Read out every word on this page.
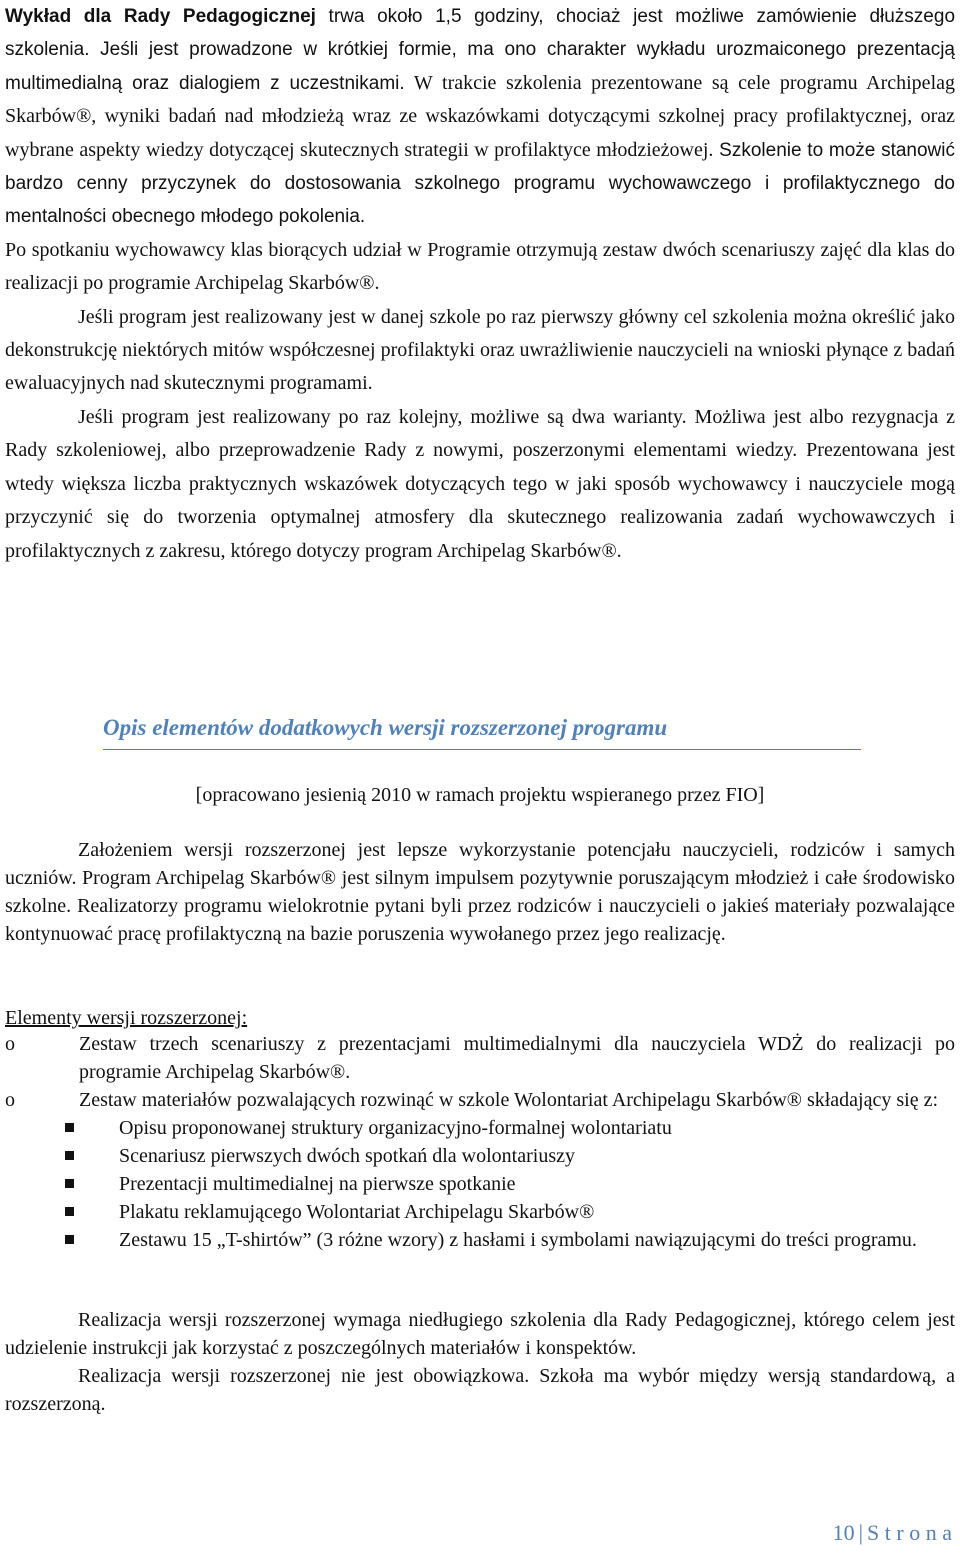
Wykład dla Rady Pedagogicznej trwa około 1,5 godziny, chociaż jest możliwe zamówienie dłuższego szkolenia. Jeśli jest prowadzone w krótkiej formie, ma ono charakter wykładu urozmaiconego prezentacją multimedialną oraz dialogiem z uczestnikami. W trakcie szkolenia prezentowane są cele programu Archipelag Skarbów®, wyniki badań nad młodzieżą wraz ze wskazówkami dotyczącymi szkolnej pracy profilaktycznej, oraz wybrane aspekty wiedzy dotyczącej skutecznych strategii w profilaktyce młodzieżowej. Szkolenie to może stanowić bardzo cenny przyczynek do dostosowania szkolnego programu wychowawczego i profilaktycznego do mentalności obecnego młodego pokolenia.

Po spotkaniu wychowawcy klas biorących udział w Programie otrzymują zestaw dwóch scenariuszy zajęć dla klas do realizacji po programie Archipelag Skarbów®.

Jeśli program jest realizowany jest w danej szkole po raz pierwszy główny cel szkolenia można określić jako dekonstrukcję niektórych mitów współczesnej profilaktyki oraz uwrażliwienie nauczycieli na wnioski płynące z badań ewaluacyjnych nad skutecznymi programami.

Jeśli program jest realizowany po raz kolejny, możliwe są dwa warianty. Możliwa jest albo rezygnacja z Rady szkoleniowej, albo przeprowadzenie Rady z nowymi, poszerzonymi elementami wiedzy. Prezentowana jest wtedy większa liczba praktycznych wskazówek dotyczących tego w jaki sposób wychowawcy i nauczyciele mogą przyczynić się do tworzenia optymalnej atmosfery dla skutecznego realizowania zadań wychowawczych i profilaktycznych z zakresu, którego dotyczy program Archipelag Skarbów®.

Opis elementów dodatkowych wersji rozszerzonej programu
[opracowano jesienią 2010 w ramach projektu wspieranego przez FIO]

Założeniem wersji rozszerzonej jest lepsze wykorzystanie potencjału nauczycieli, rodziców i samych uczniów. Program Archipelag Skarbów® jest silnym impulsem pozytywnie poruszającym młodzież i całe środowisko szkolne. Realizatorzy programu wielokrotnie pytani byli przez rodziców i nauczycieli o jakieś materiały pozwalające kontynuować pracę profilaktyczną na bazie poruszenia wywołanego przez jego realizację.

Elementy wersji rozszerzonej:
o	Zestaw trzech scenariuszy z prezentacjami multimedialnymi dla nauczyciela WDŻ do realizacji po programie Archipelag Skarbów®.
o	Zestaw materiałów pozwalających rozwinąć w szkole Wolontariat Archipelagu Skarbów® składający się z:
Opisu proponowanej struktury organizacyjno-formalnej wolontariatu
Scenariusz pierwszych dwóch spotkań dla wolontariuszy
Prezentacji multimedialnej na pierwsze spotkanie
Plakatu reklamującego Wolontariat Archipelagu Skarbów®
Zestawu 15 „T-shirtów” (3 różne wzory) z hasłami i symbolami nawiązującymi do treści programu.

Realizacja wersji rozszerzonej wymaga niedługiego szkolenia dla Rady Pedagogicznej, którego celem jest udzielenie instrukcji jak korzystać z poszczególnych materiałów i konspektów.

Realizacja wersji rozszerzonej nie jest obowiązkowa. Szkoła ma wybór między wersją standardową, a rozszerzoną.

10 | S t r o n a
